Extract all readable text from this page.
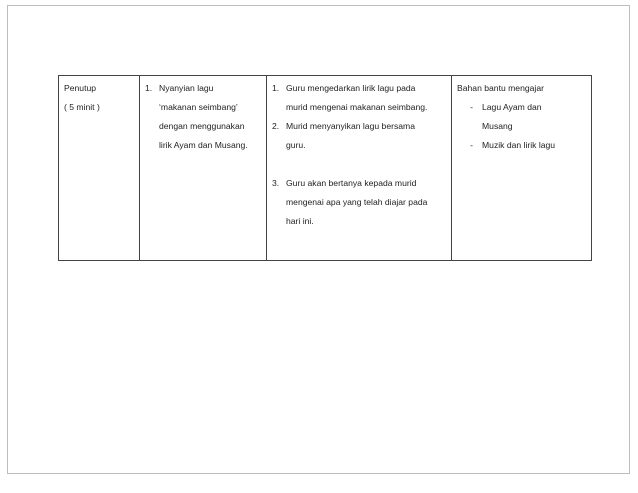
Penutup
( 5 minit )

1. Nyanyian lagu
‘makanan seimbang’
dengan menggunakan
lirik Ayam dan Musang.

1. Guru mengedarkan lirik lagu pada
murid mengenai makanan seimbang.
2. Murid menyanyikan lagu bersama
guru.
3. Guru akan bertanya kepada murid
mengenai apa yang telah diajar pada
hari ini.

Bahan bantu mengajar
-	Lagu Ayam dan
Musang
-	Muzik dan lirik lagu
